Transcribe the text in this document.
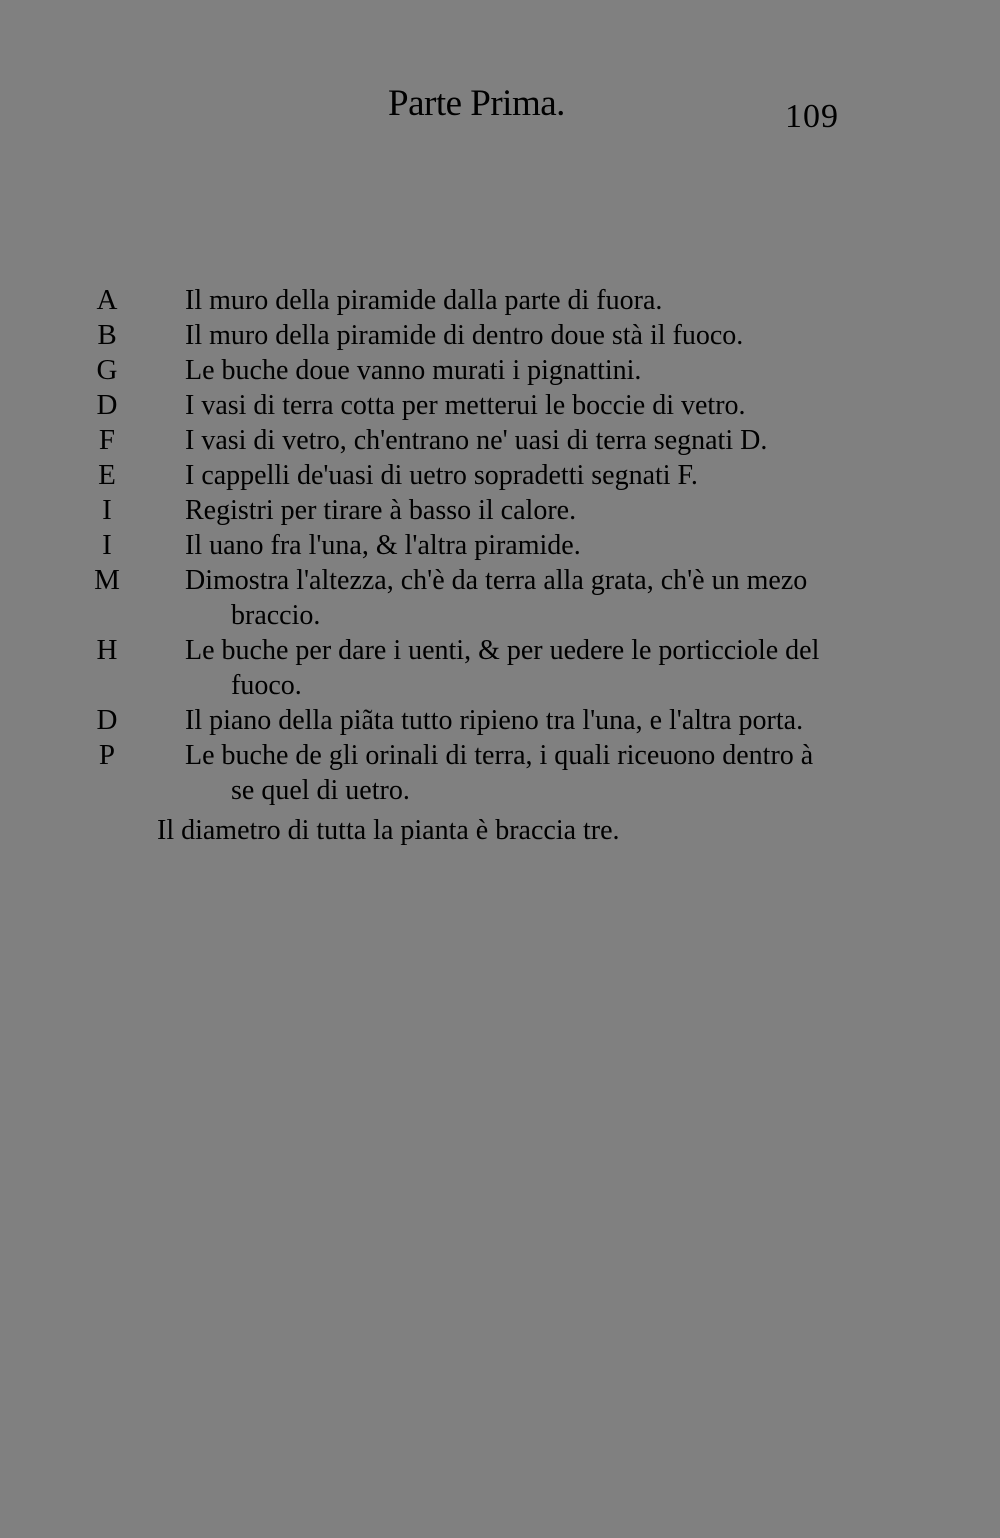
Parte Prima.	109
A Il muro della piramide dalla parte di fuora.
B Il muro della piramide di dentro doue stà il fuoco.
G Le buche doue vanno murati i pignattini.
D I vasi di terra cotta per metterui le boccie di vetro.
F	I vasi di vetro, ch'entrano ne' uasi di terra segnati D.
E I cappelli de'uasi di uetro sopradetti segnati F.
I	Registri per tirare à basso il calore.
I	Il uano fra l'una, & l'altra piramide.
M Dimostra l'altezza, ch'è da terra alla grata, ch'è un mezo
braccio.
H Le buche per dare i uenti, & per uedere le porticciole del
fuoco.
D Il piano della piãta tutto ripieno tra l'una, e l'altra porta.
P	Le buche de gli orinali di terra, i quali riceuono dentro à
se quel di uetro.
Il diametro di tutta la pianta è braccia tre.
